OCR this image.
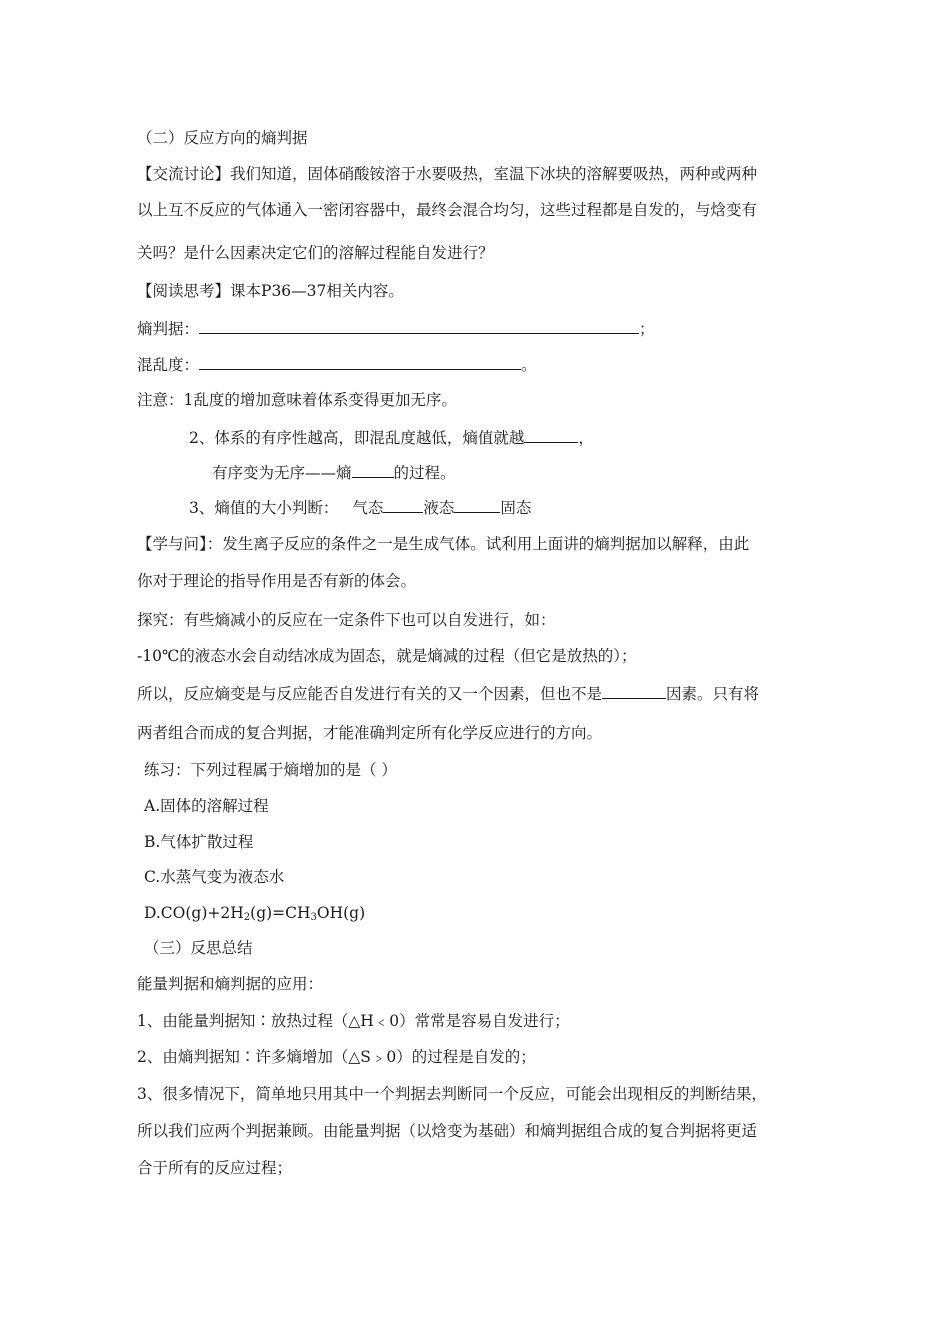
（二）反应方向的熵判据
【交流讨论】我们知道，固体硝酸铵溶于水要吸热，室温下冰块的溶解要吸热，两种或两种
以上互不反应的气体通入一密闭容器中，最终会混合均匀，这些过程都是自发的，与焓变有
关吗？是什么因素决定它们的溶解过程能自发进行？
【阅读思考】课本P36—37相关内容。
熵判据：	；
混乱度：	。
注意：1乱度的增加意味着体系变得更加无序。
2、体系的有序性越高，即混乱度越低，熵值就越	，
有序变为无序——熵	的过程。
3、熵值的大小判断： 气态	液态	固态
【学与问】：发生离子反应的条件之一是生成气体。试利用上面讲的熵判据加以解释，由此
你对于理论的指导作用是否有新的体会。
探究：有些熵减小的反应在一定条件下也可以自发进行，如：
-10℃的液态水会自动结冰成为固态，就是熵减的过程（但它是放热的）；
所以，反应熵变是与反应能否自发进行有关的又一个因素，但也不是	因素。只有将
两者组合而成的复合判据，才能准确判定所有化学反应进行的方向。
练习：下列过程属于熵增加的是（ ）
A.固体的溶解过程
B.气体扩散过程
C.水蒸气变为液态水
$D.CO(g)+2H_2(g)=CH_3OH(g)$
（三）反思总结
能量判据和熵判据的应用：
1、由能量判据知∶放热过程（△H﹤0）常常是容易自发进行；
2、由熵判据知∶许多熵增加（△S﹥0）的过程是自发的；
3、很多情况下，简单地只用其中一个判据去判断同一个反应，可能会出现相反的判断结果，
所以我们应两个判据兼顾。由能量判据（以焓变为基础）和熵判据组合成的复合判据将更适
合于所有的反应过程；
